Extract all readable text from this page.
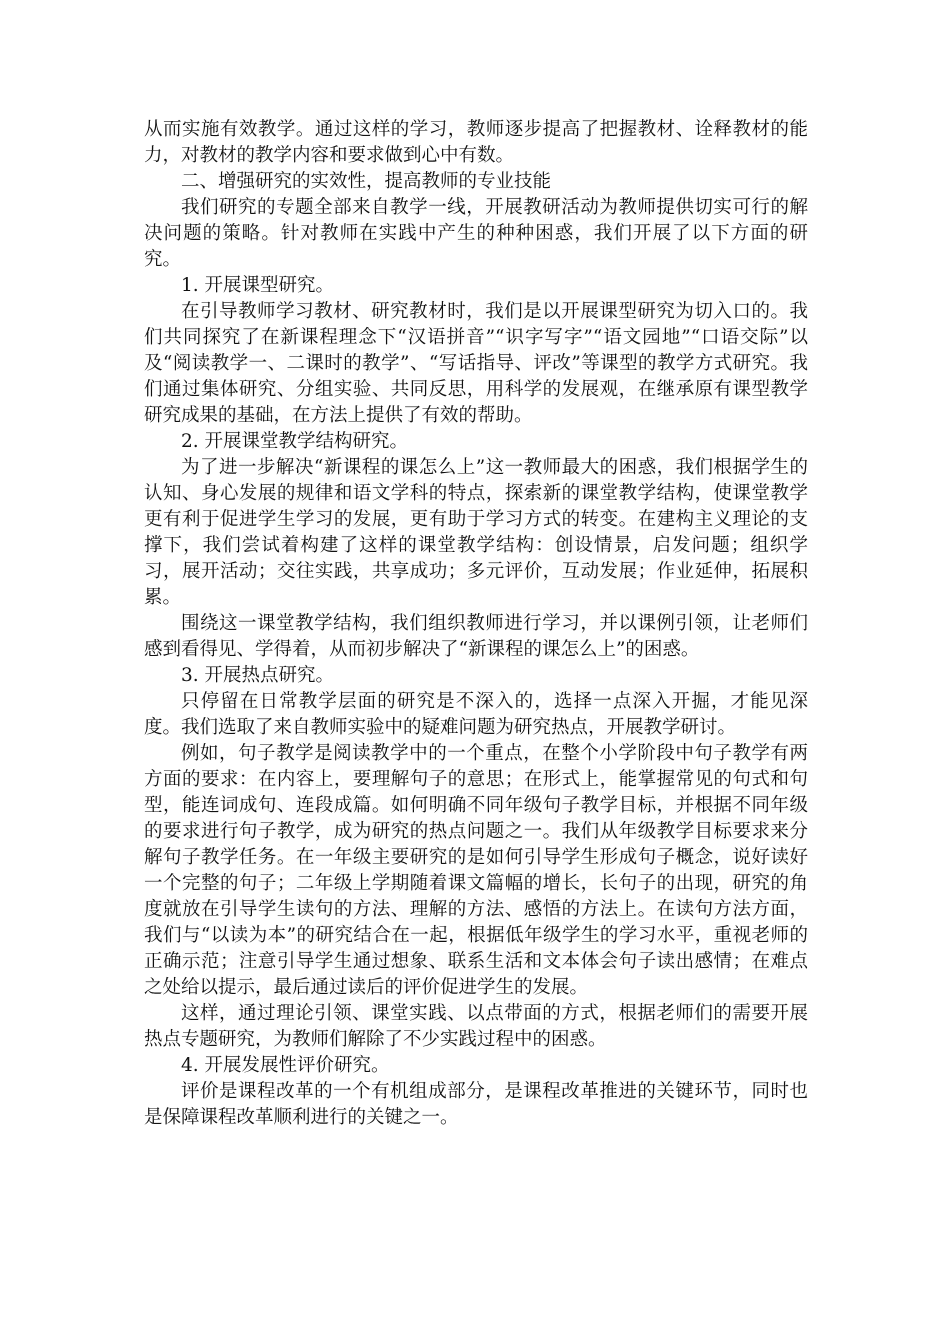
从而实施有效教学。通过这样的学习，教师逐步提高了把握教材、诠释教材的能力，对教材的教学内容和要求做到心中有数。

二、增强研究的实效性，提高教师的专业技能

我们研究的专题全部来自教学一线，开展教研活动为教师提供切实可行的解决问题的策略。针对教师在实践中产生的种种困惑，我们开展了以下方面的研究。

1. 开展课型研究。

在引导教师学习教材、研究教材时，我们是以开展课型研究为切入口的。我们共同探究了在新课程理念下“汉语拼音”“识字写字”“语文园地”“口语交际”以及“阅读教学一、二课时的教学”、“写话指导、评改”等课型的教学方式研究。我们通过集体研究、分组实验、共同反思，用科学的发展观，在继承原有课型教学研究成果的基础，在方法上提供了有效的帮助。

2. 开展课堂教学结构研究。

为了进一步解决“新课程的课怎么上”这一教师最大的困惑，我们根据学生的认知、身心发展的规律和语文学科的特点，探索新的课堂教学结构，使课堂教学更有利于促进学生学习的发展，更有助于学习方式的转变。在建构主义理论的支撑下，我们尝试着构建了这样的课堂教学结构：创设情景，启发问题；组织学习，展开活动；交往实践，共享成功；多元评价，互动发展；作业延伸，拓展积累。

围绕这一课堂教学结构，我们组织教师进行学习，并以课例引领，让老师们感到看得见、学得着，从而初步解决了“新课程的课怎么上”的困惑。

3. 开展热点研究。

只停留在日常教学层面的研究是不深入的，选择一点深入开掘，才能见深度。我们选取了来自教师实验中的疑难问题为研究热点，开展教学研讨。

例如，句子教学是阅读教学中的一个重点，在整个小学阶段中句子教学有两方面的要求：在内容上，要理解句子的意思；在形式上，能掌握常见的句式和句型，能连词成句、连段成篇。如何明确不同年级句子教学目标，并根据不同年级的要求进行句子教学，成为研究的热点问题之一。我们从年级教学目标要求来分解句子教学任务。在一年级主要研究的是如何引导学生形成句子概念，说好读好一个完整的句子；二年级上学期随着课文篇幅的增长，长句子的出现，研究的角度就放在引导学生读句的方法、理解的方法、感悟的方法上。在读句方法方面，我们与“以读为本”的研究结合在一起，根据低年级学生的学习水平，重视老师的正确示范；注意引导学生通过想象、联系生活和文本体会句子读出感情；在难点之处给以提示，最后通过读后的评价促进学生的发展。

这样，通过理论引领、课堂实践、以点带面的方式，根据老师们的需要开展热点专题研究，为教师们解除了不少实践过程中的困惑。

4. 开展发展性评价研究。

评价是课程改革的一个有机组成部分，是课程改革推进的关键环节，同时也是保障课程改革顺利进行的关键之一。
